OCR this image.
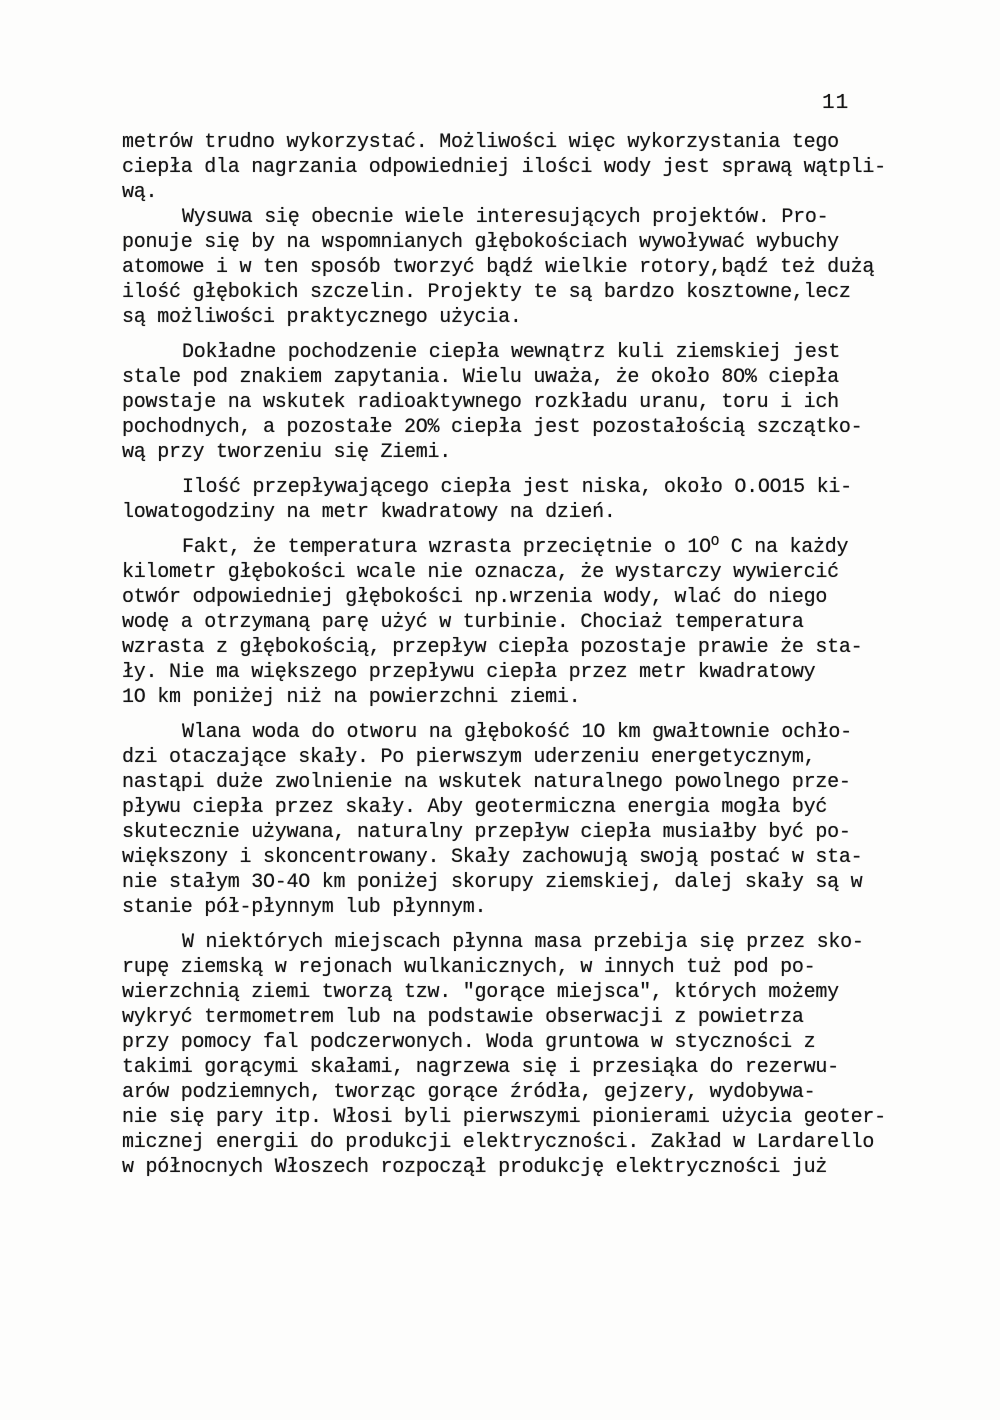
11
metrów trudno wykorzystać. Możliwości więc wykorzystania tego
ciepła dla nagrzania odpowiedniej ilości wody jest sprawą wątpli-
wą.
Wysuwa się obecnie wiele interesujących projektów. Pro-
ponuje się by na wspomnianych głębokościach wywoływać wybuchy
atomowe i w ten sposób tworzyć bądź wielkie rotory,bądź też dużą
ilość głębokich szczelin. Projekty te są bardzo kosztowne,lecz
są możliwości praktycznego użycia.
Dokładne pochodzenie ciepła wewnątrz kuli ziemskiej jest
stale pod znakiem zapytania. Wielu uważa, że około 8O% ciepła
powstaje na wskutek radioaktywnego rozkładu uranu, toru i ich
pochodnych, a pozostałe 2O% ciepła jest pozostałością szczątko-
wą przy tworzeniu się Ziemi.
Ilość przepływającego ciepła jest niska, około O.OO15 ki-
lowatogodziny na metr kwadratowy na dzień.
Fakt, że temperatura wzrasta przeciętnie o 1OO C na każdy
kilometr głębokości wcale nie oznacza, że wystarczy wywiercić
otwór odpowiedniej głębokości np.wrzenia wody, wlać do niego
wodę a otrzymaną parę użyć w turbinie. Chociaż temperatura
wzrasta z głębokością, przepływ ciepła pozostaje prawie że sta-
ły. Nie ma większego przepływu ciepła przez metr kwadratowy
1O km poniżej niż na powierzchni ziemi.
Wlana woda do otworu na głębokość 1O km gwałtownie ochło-
dzi otaczające skały. Po pierwszym uderzeniu energetycznym,
nastąpi duże zwolnienie na wskutek naturalnego powolnego prze-
pływu ciepła przez skały. Aby geotermiczna energia mogła być
skutecznie używana, naturalny przepływ ciepła musiałby być po-
większony i skoncentrowany. Skały zachowują swoją postać w sta-
nie stałym 3O-4O km poniżej skorupy ziemskiej, dalej skały są w
stanie pół-płynnym lub płynnym.
W niektórych miejscach płynna masa przebija się przez sko-
rupę ziemską w rejonach wulkanicznych, w innych tuż pod po-
wierzchnią ziemi tworzą tzw. "gorące miejsca", których możemy
wykryć termometrem lub na podstawie obserwacji z powietrza
przy pomocy fal podczerwonych. Woda gruntowa w styczności z
takimi gorącymi skałami, nagrzewa się i przesiąka do rezerwu-
arów podziemnych, tworząc gorące źródła, gejzery, wydobywa-
nie się pary itp. Włosi byli pierwszymi pionierami użycia geoter-
micznej energii do produkcji elektryczności. Zakład w Lardarello
w północnych Włoszech rozpoczął produkcję elektryczności już
